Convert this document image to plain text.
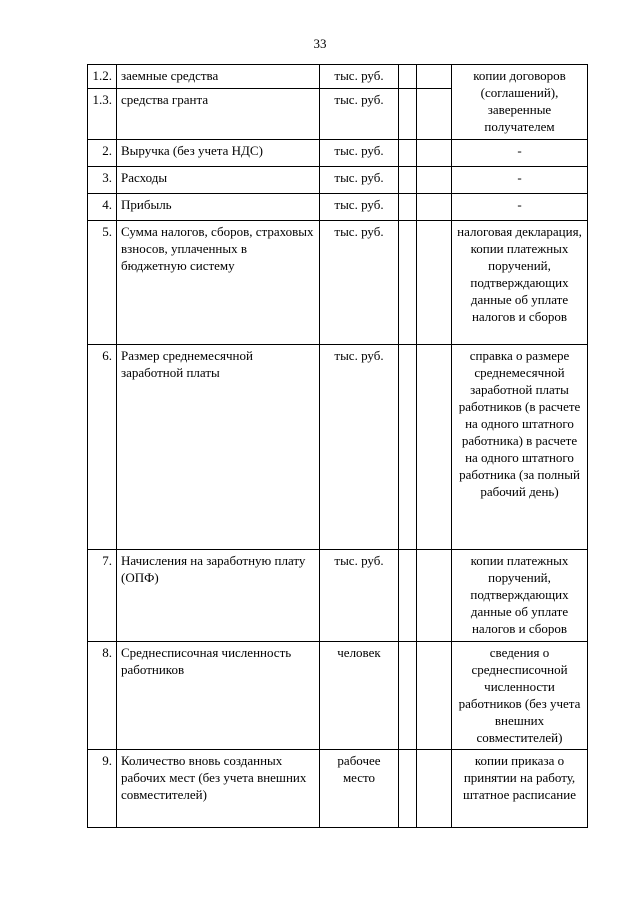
33
1.2.	заемные средства	тыс. руб.			копии договоров (соглашений), заверенные получателем
1.3.	средства гранта	тыс. руб.			
2.	Выручка (без учета НДС)	тыс. руб.			-
3.	Расходы	тыс. руб.			-
4.	Прибыль	тыс. руб.			-
5.	Сумма налогов, сборов, страховых взносов, уплаченных в бюджетную систему	тыс. руб.			налоговая декларация, копии платежных поручений, подтверждающих данные об уплате налогов и сборов
6.	Размер среднемесячной заработной платы	тыс. руб.			справка о размере среднемесячной заработной платы работников (в расчете на одного штатного работника) в расчете на одного штатного работника (за полный рабочий день)
7.	Начисления на заработную плату (ОПФ)	тыс. руб.			копии платежных поручений, подтверждающих данные об уплате налогов и сборов
8.	Среднесписочная численность работников	человек			сведения о среднесписочной численности работников (без учета внешних совместителей)
9.	Количество вновь созданных рабочих мест (без учета внешних совместителей)	рабочее место			копии приказа о принятии на работу, штатное расписание
